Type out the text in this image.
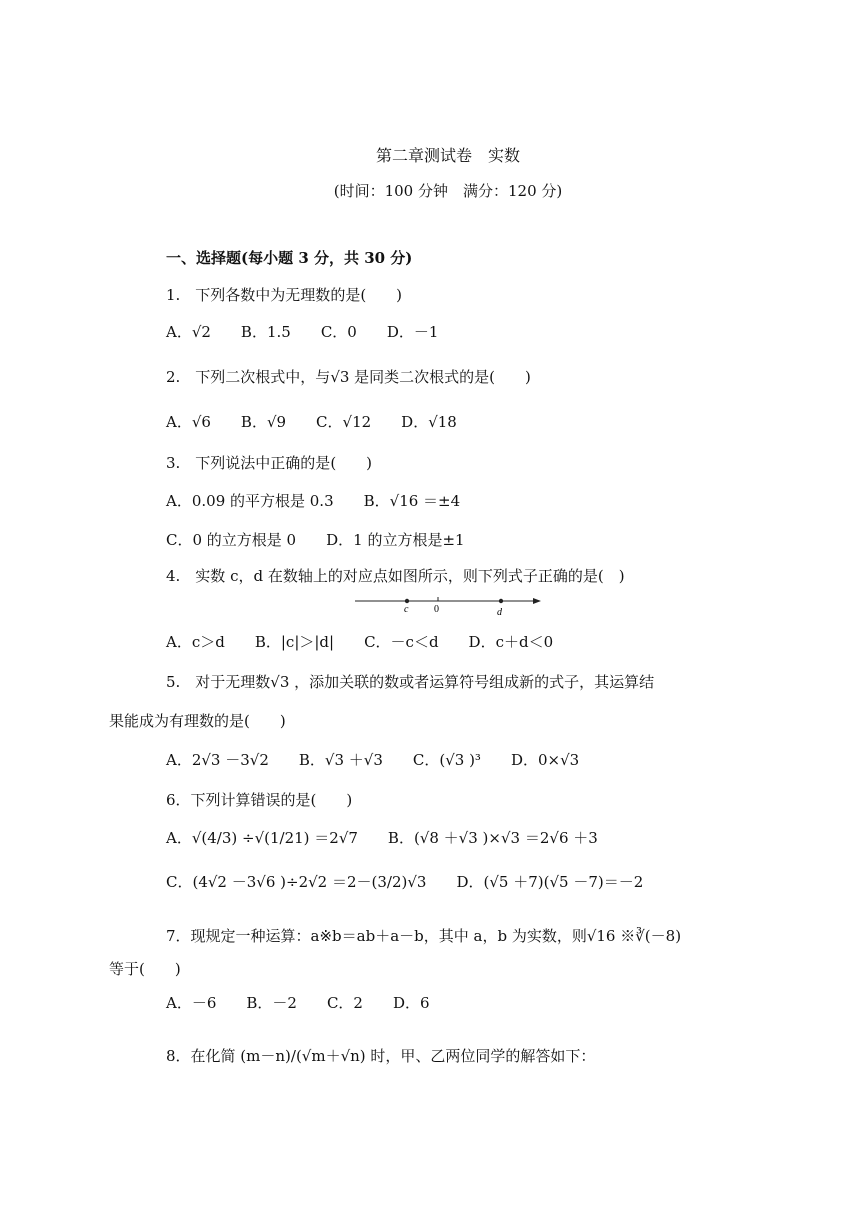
第二章测试卷　实数
(时间：100 分钟　满分：120 分)
一、选择题(每小题 3 分，共 30 分)
1.　下列各数中为无理数的是(　　)
A．√2　　B．1.5　　C．0　　D．－1
2.　下列二次根式中，与√3 是同类二次根式的是(　　)
A．√6　　B．√9　　C．√12　　D．√18
3.　下列说法中正确的是(　　)
A．0.09 的平方根是 0.3　　B．√16 ＝±4
C．0 的立方根是 0　　D．1 的立方根是±1
4.　实数 c，d 在数轴上的对应点如图所示，则下列式子正确的是(　)
c	0	d
A．c＞d　　B．|c|＞|d|　　C．－c＜d　　D．c＋d＜0
5.　对于无理数√3 ，添加关联的数或者运算符号组成新的式子，其运算结
果能成为有理数的是(　　)
A．2√3 －3√2　　B．√3 ＋√3　　C．(√3 )³　　D．0×√3
6．下列计算错误的是(　　)
A．√(4/3) ÷√(1/21) ＝2√7　　B．(√8 ＋√3 )×√3 ＝2√6 ＋3
C．(4√2 －3√6 )÷2√2 ＝2－(3/2)√3　　D．(√5 ＋7)(√5 －7)＝－2
7．现规定一种运算：a※b＝ab＋a－b，其中 a，b 为实数，则√16 ※∛(－8)
等于(　　)
A．－6　　B．－2　　C．2　　D．6
8．在化简 (m－n)/(√m＋√n) 时，甲、乙两位同学的解答如下：
